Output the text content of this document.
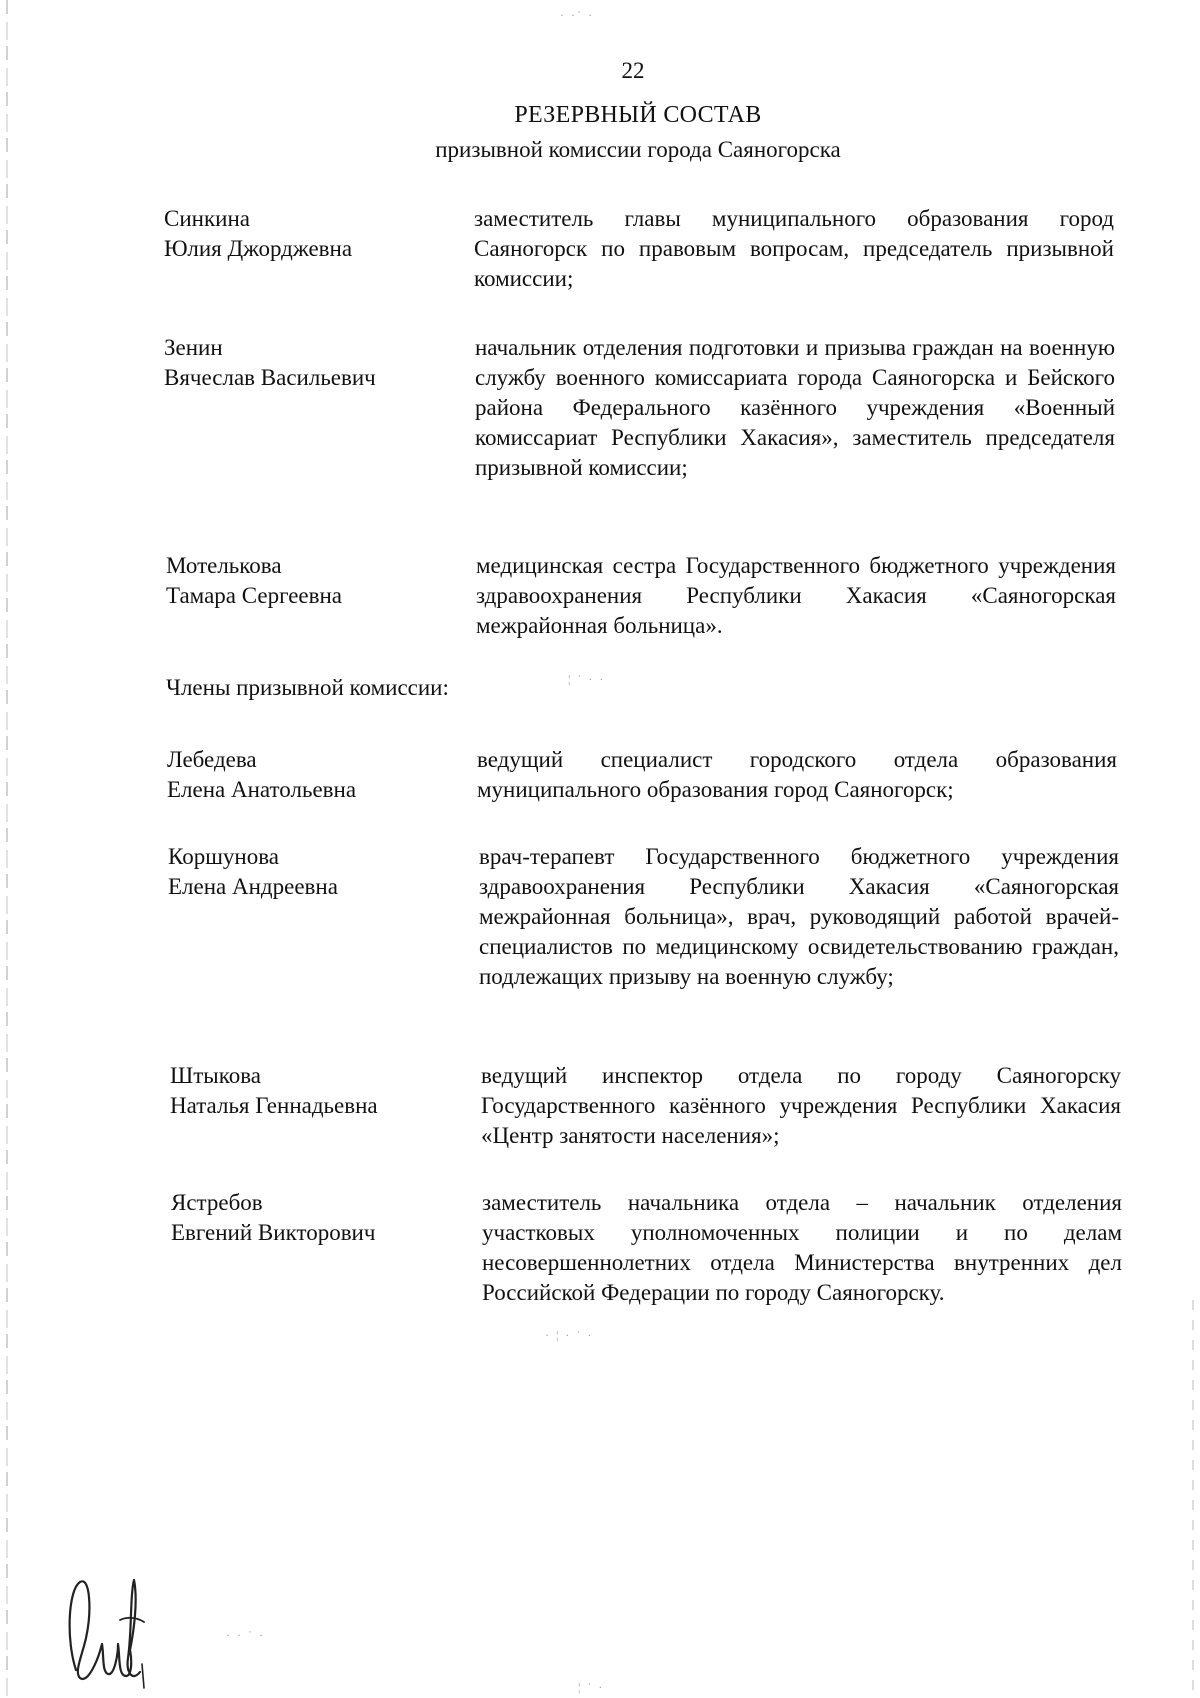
· ·˙ ·
¦ ˙ · ·
· ¦ · ˙ ·
¦ ˙ ·
· · ˙ ·
22
РЕЗЕРВНЫЙ СОСТАВ
призывной комиссии города Саяногорска
Синкина
Юлия Джорджевна
заместитель главы муниципального образования город Саяногорск по правовым вопросам, председатель призывной комиссии;
Зенин
Вячеслав Васильевич
начальник отделения подготовки и призыва граждан на военную службу военного комиссариата города Саяногорска и Бейского района Федерального казённого учреждения «Военный комиссариат Республики Хакасия», заместитель председателя призывной комиссии;
Мотелькова
Тамара Сергеевна
медицинская сестра Государственного бюджетного учреждения здравоохранения Республики Хакасия «Саяногорская межрайонная больница».
Члены призывной комиссии:
Лебедева
Елена Анатольевна
ведущий специалист городского отдела образования муниципального образования город Саяногорск;
Коршунова
Елена Андреевна
врач-терапевт Государственного бюджетного учреждения здравоохранения Республики Хакасия «Саяногорская межрайонная больница», врач, руководящий работой врачей-специалистов по медицинскому освидетельствованию граждан, подлежащих призыву на военную службу;
Штыкова
Наталья Геннадьевна
ведущий инспектор отдела по городу Саяногорску Государственного казённого учреждения Республики Хакасия «Центр занятости населения»;
Ястребов
Евгений Викторович
заместитель начальника отдела – начальник отделения участковых уполномоченных полиции и по делам несовершеннолетних отдела Министерства внутренних дел Российской Федерации по городу Саяногорску.
